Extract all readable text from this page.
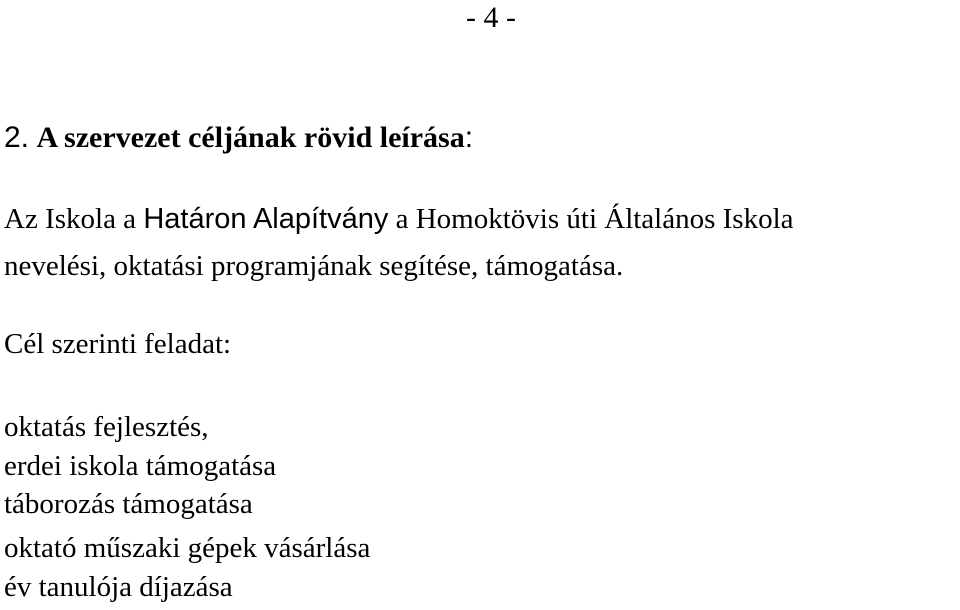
- 4 -
2. A szervezet céljának rövid leírása:
Az Iskola a Határon Alapítvány a Homoktövis úti Általános Iskola
nevelési, oktatási programjának segítése, támogatása.
Cél szerinti feladat:
oktatás fejlesztés,
erdei iskola támogatása
táborozás támogatása
oktató műszaki gépek vásárlása
év tanulója díjazása
